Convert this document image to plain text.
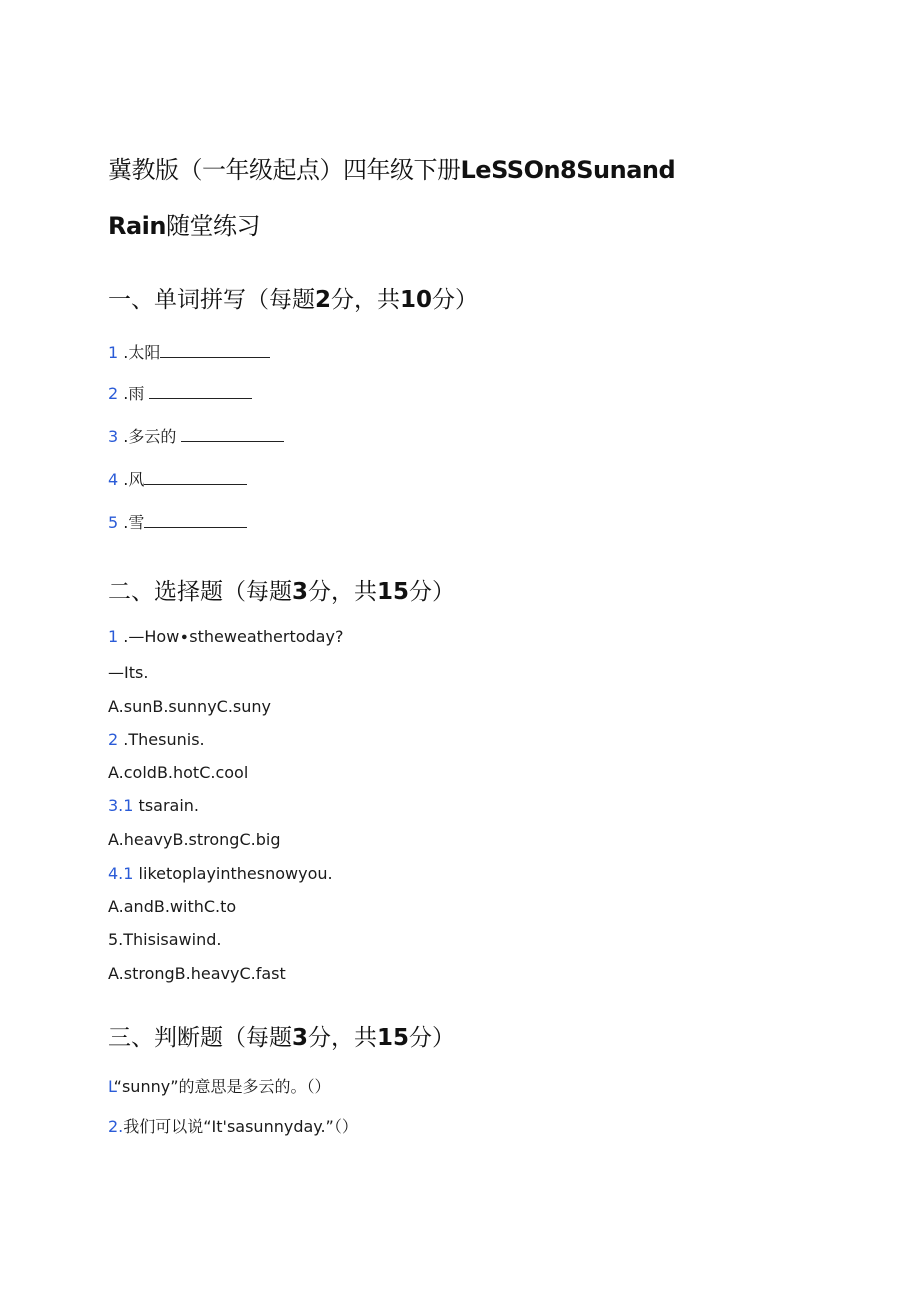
冀教版（一年级起点）四年级下册LeSSOn8Sunand
Rain随堂练习
一、单词拼写（每题2分，共10分）
1 .太阳
2 .雨
3 .多云的
4 .风
5 .雪
二、选择题（每题3分，共15分）
1 .—How∙stheweathertoday?
—Its.
A.sunB.sunnyC.suny
2 .Thesunis.
A.coldB.hotC.cool
3.1 tsarain.
A.heavyB.strongC.big
4.1 liketoplayinthesnowyou.
A.andB.withC.to
5.Thisisawind.
A.strongB.heavyC.fast
三、判断题（每题3分，共15分）
L“sunny”的意思是多云的。（）
2.我们可以说“It'sasunnyday.”（）
